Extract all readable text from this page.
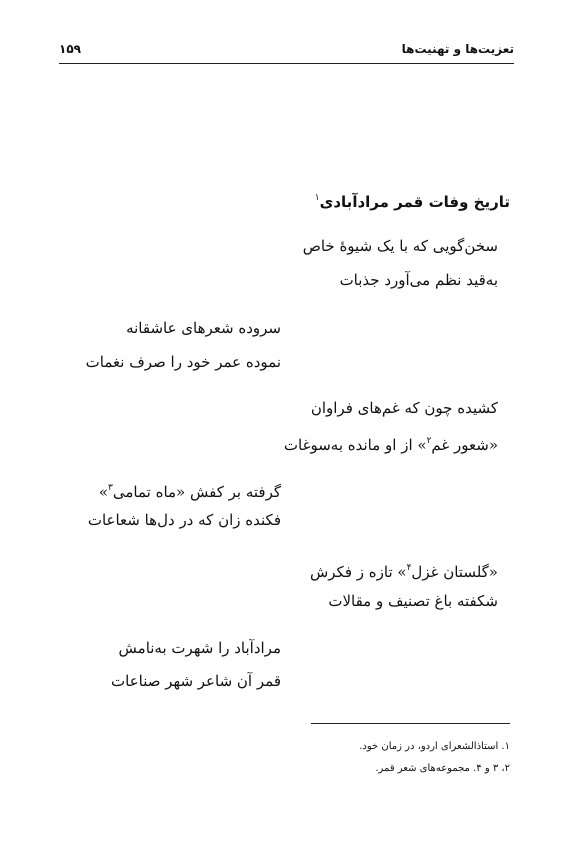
۱۵۹	تعزیت‌ها و تهنیت‌ها
تاریخ وفات قمر مرادآبادی$^۱$
سخن‌گویی که با یک شیوهٔ خاص
به‌قید نظم می‌آورد جذبات
سروده شعرهای عاشقانه
نموده عمر خود را صرف نغمات
کشیده چون که غم‌های فراوان
«شعور غم$^۲$» از او مانده به‌سوغات
گرفته بر کفش «ماه تمامی$^۳$»
فکنده زان که در دل‌ها شعاعات
«گلستان غزل$^۴$» تازه ز فکرش
شکفته باغ تصنیف و مقالات
مرادآباد را شهرت به‌نامش
قمر آن شاعر شهر صناعات
۱. استاذالشعرای اردو، در زمان خود.
۲، ۳ و ۴. مجموعه‌های شعر قمر.
